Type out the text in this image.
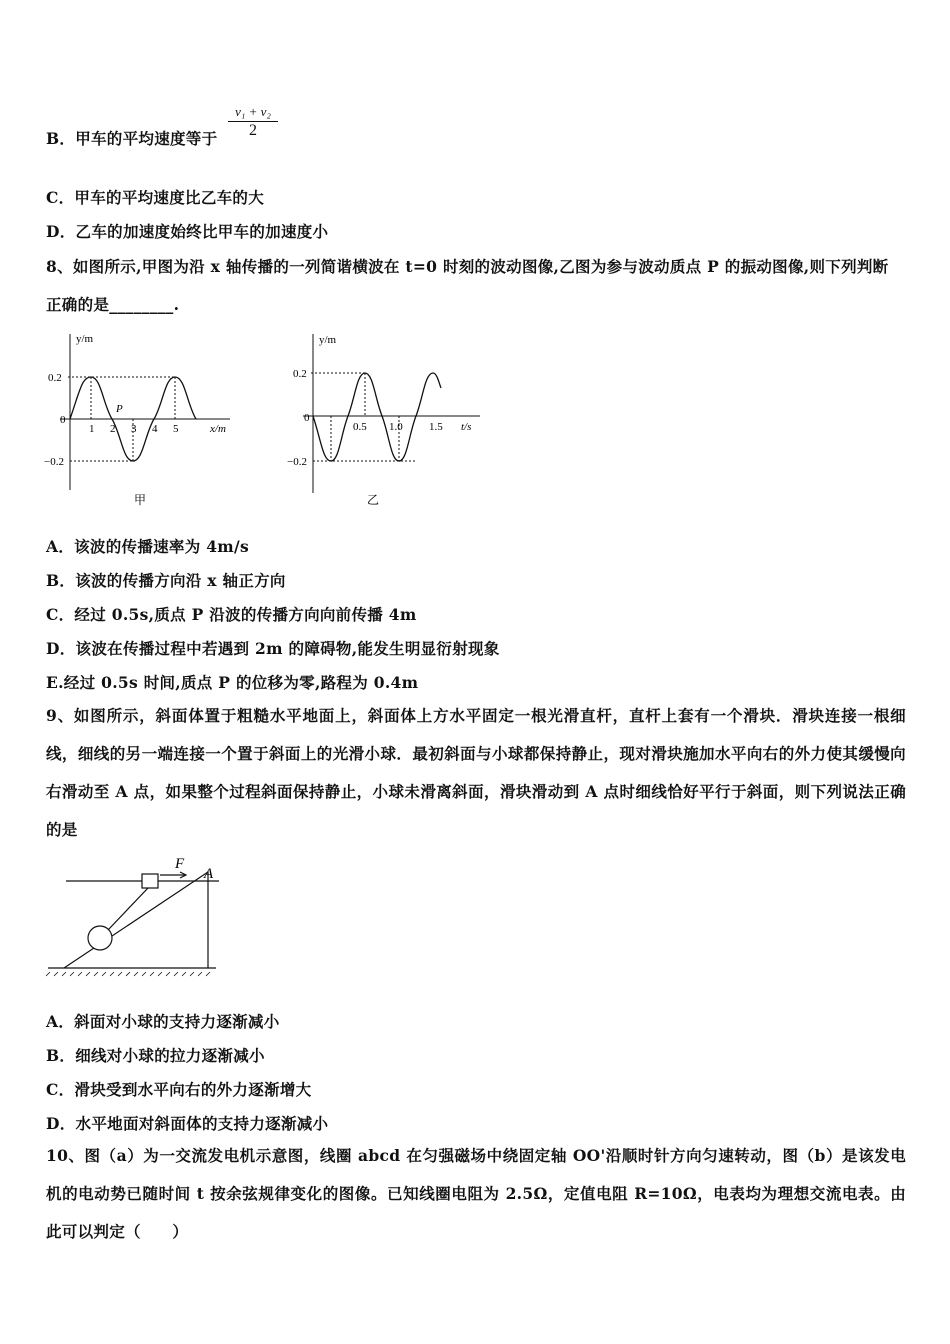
B．甲车的平均速度等于
v₁ + v₂
2
C．甲车的平均速度比乙车的大
D．乙车的加速度始终比甲车的加速度小
8、如图所示,甲图为沿 x 轴传播的一列简谐横波在 t=0 时刻的波动图像,乙图为参与波动质点 P 的振动图像,则下列判断
正确的是________.
y/m
0.2
0
−0.2
1 2 3 4 5	x/m
P
甲
y/m
0.2
0
−0.2
0.5 1.0 1.5 t/s
乙
A．该波的传播速率为 4m/s
B．该波的传播方向沿 x 轴正方向
C．经过 0.5s,质点 P 沿波的传播方向向前传播 4m
D．该波在传播过程中若遇到 2m 的障碍物,能发生明显衍射现象
E.经过 0.5s 时间,质点 P 的位移为零,路程为 0.4m
9、如图所示，斜面体置于粗糙水平地面上，斜面体上方水平固定一根光滑直杆，直杆上套有一个滑块．滑块连接一根细线，细线的另一端连接一个置于斜面上的光滑小球．最初斜面与小球都保持静止，现对滑块施加水平向右的外力使其缓慢向右滑动至 A 点，如果整个过程斜面保持静止，小球未滑离斜面，滑块滑动到 A 点时细线恰好平行于斜面，则下列说法正确的是
F
A
A．斜面对小球的支持力逐渐减小
B．细线对小球的拉力逐渐减小
C．滑块受到水平向右的外力逐渐增大
D．水平地面对斜面体的支持力逐渐减小
10、图（a）为一交流发电机示意图，线圈 abcd 在匀强磁场中绕固定轴 OO'沿顺时针方向匀速转动，图（b）是该发电机的电动势已随时间 t 按余弦规律变化的图像。已知线圈电阻为 2.5Ω，定值电阻 R=10Ω，电表均为理想交流电表。由此可以判定（　　）
